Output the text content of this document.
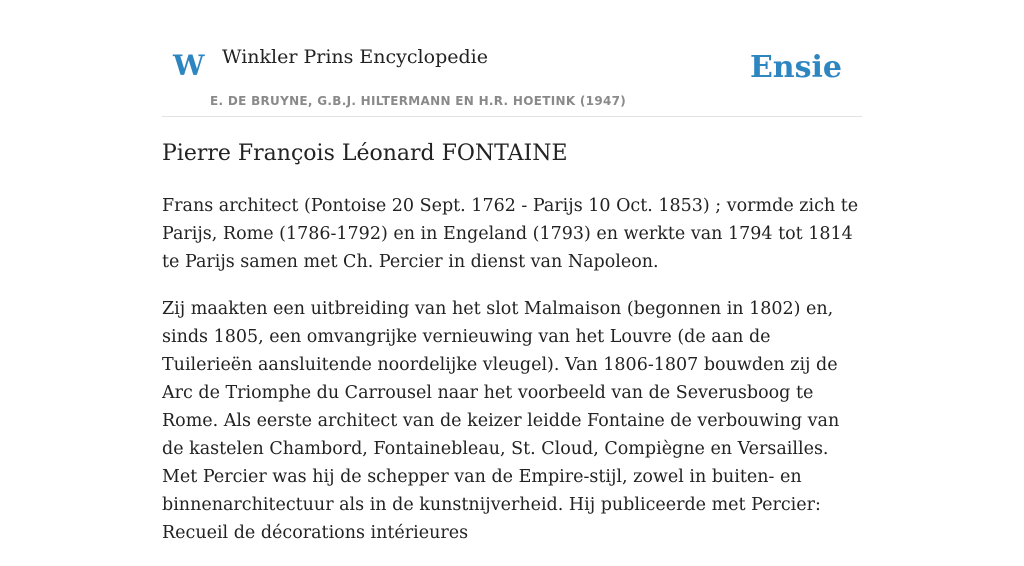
W Winkler Prins Encyclopedie
E. DE BRUYNE, G.B.J. HILTERMANN EN H.R. HOETINK (1947)
Ensie
Pierre François Léonard FONTAINE

Frans architect (Pontoise 20 Sept. 1762 - Parijs 10 Oct. 1853) ; vormde zich te Parijs, Rome (1786-1792) en in Engeland (1793) en werkte van 1794 tot 1814 te Parijs samen met Ch. Percier in dienst van Napoleon.

Zij maakten een uitbreiding van het slot Malmaison (begonnen in 1802) en, sinds 1805, een omvangrijke vernieuwing van het Louvre (de aan de Tuilerieën aansluitende noordelijke vleugel). Van 1806-1807 bouwden zij de Arc de Triomphe du Carrousel naar het voorbeeld van de Severusboog te Rome. Als eerste architect van de keizer leidde Fontaine de verbouwing van de kastelen Chambord, Fontainebleau, St. Cloud, Compiègne en Versailles. Met Percier was hij de schepper van de Empire-stijl, zowel in buiten- en binnenarchitectuur als in de kunstnijverheid. Hij publiceerde met Percier: Recueil de décorations intérieures
